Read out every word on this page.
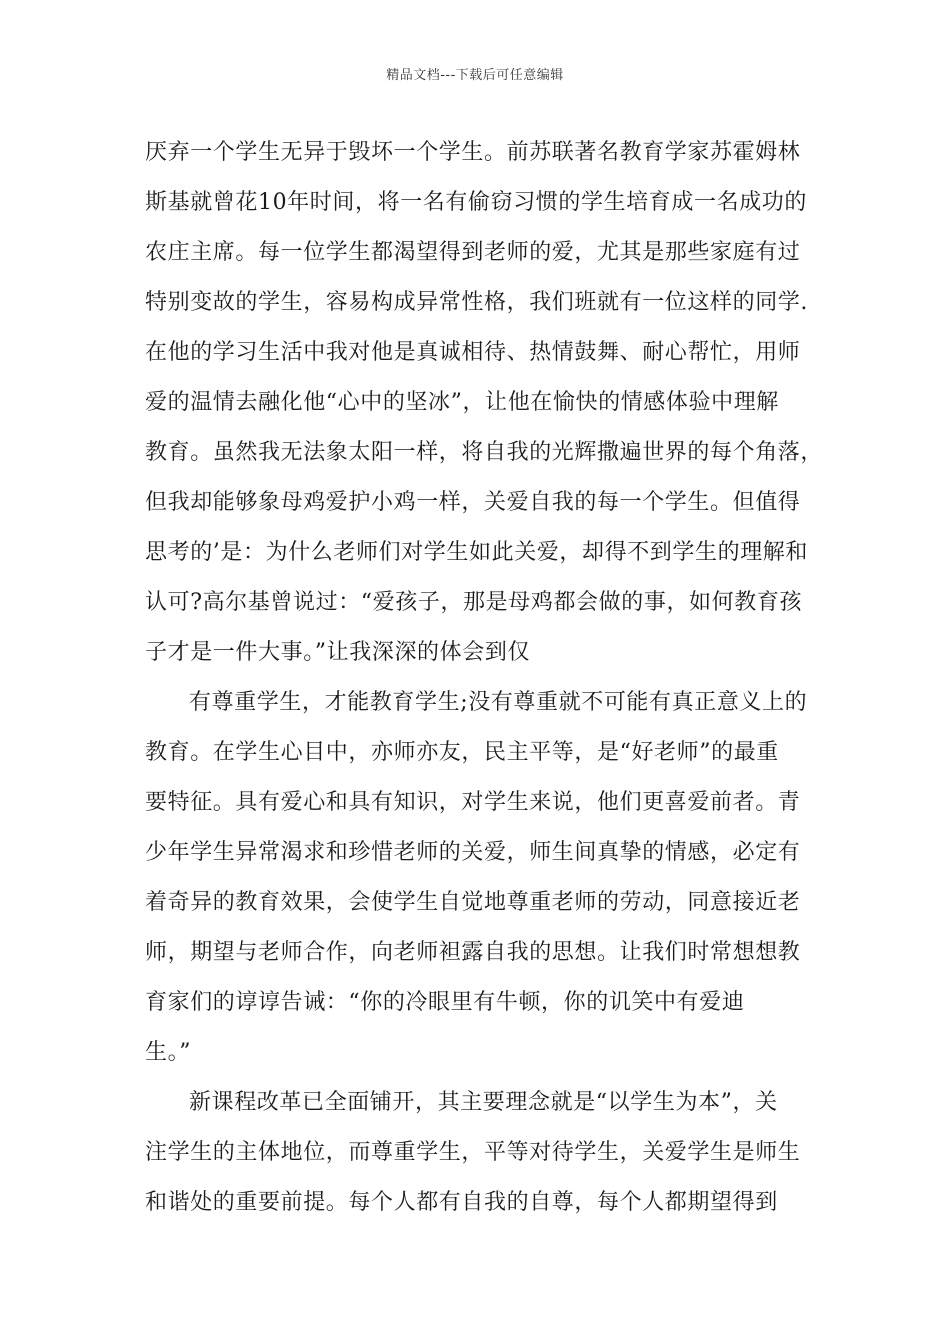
精品文档---下载后可任意编辑
厌弃一个学生无异于毁坏一个学生。前苏联著名教育学家苏霍姆林
斯基就曾花10年时间，将一名有偷窃习惯的学生培育成一名成功的
农庄主席。每一位学生都渴望得到老师的爱，尤其是那些家庭有过
特别变故的学生，容易构成异常性格，我们班就有一位这样的同学.
在他的学习生活中我对他是真诚相待、热情鼓舞、耐心帮忙，用师
爱的温情去融化他“心中的坚冰”，让他在愉快的情感体验中理解
教育。虽然我无法象太阳一样，将自我的光辉撒遍世界的每个角落，
但我却能够象母鸡爱护小鸡一样，关爱自我的每一个学生。但值得
思考的’是：为什么老师们对学生如此关爱，却得不到学生的理解和
认可?高尔基曾说过：“爱孩子，那是母鸡都会做的事，如何教育孩
子才是一件大事。”让我深深的体会到仅
有尊重学生，才能教育学生;没有尊重就不可能有真正意义上的
教育。在学生心目中，亦师亦友，民主平等，是“好老师”的最重
要特征。具有爱心和具有知识，对学生来说，他们更喜爱前者。青
少年学生异常渴求和珍惜老师的关爱，师生间真挚的情感，必定有
着奇异的教育效果，会使学生自觉地尊重老师的劳动，同意接近老
师，期望与老师合作，向老师袒露自我的思想。让我们时常想想教
育家们的谆谆告诫：“你的冷眼里有牛顿，你的讥笑中有爱迪
生。”
新课程改革已全面铺开，其主要理念就是“以学生为本”，关
注学生的主体地位，而尊重学生，平等对待学生，关爱学生是师生
和谐处的重要前提。每个人都有自我的自尊，每个人都期望得到
